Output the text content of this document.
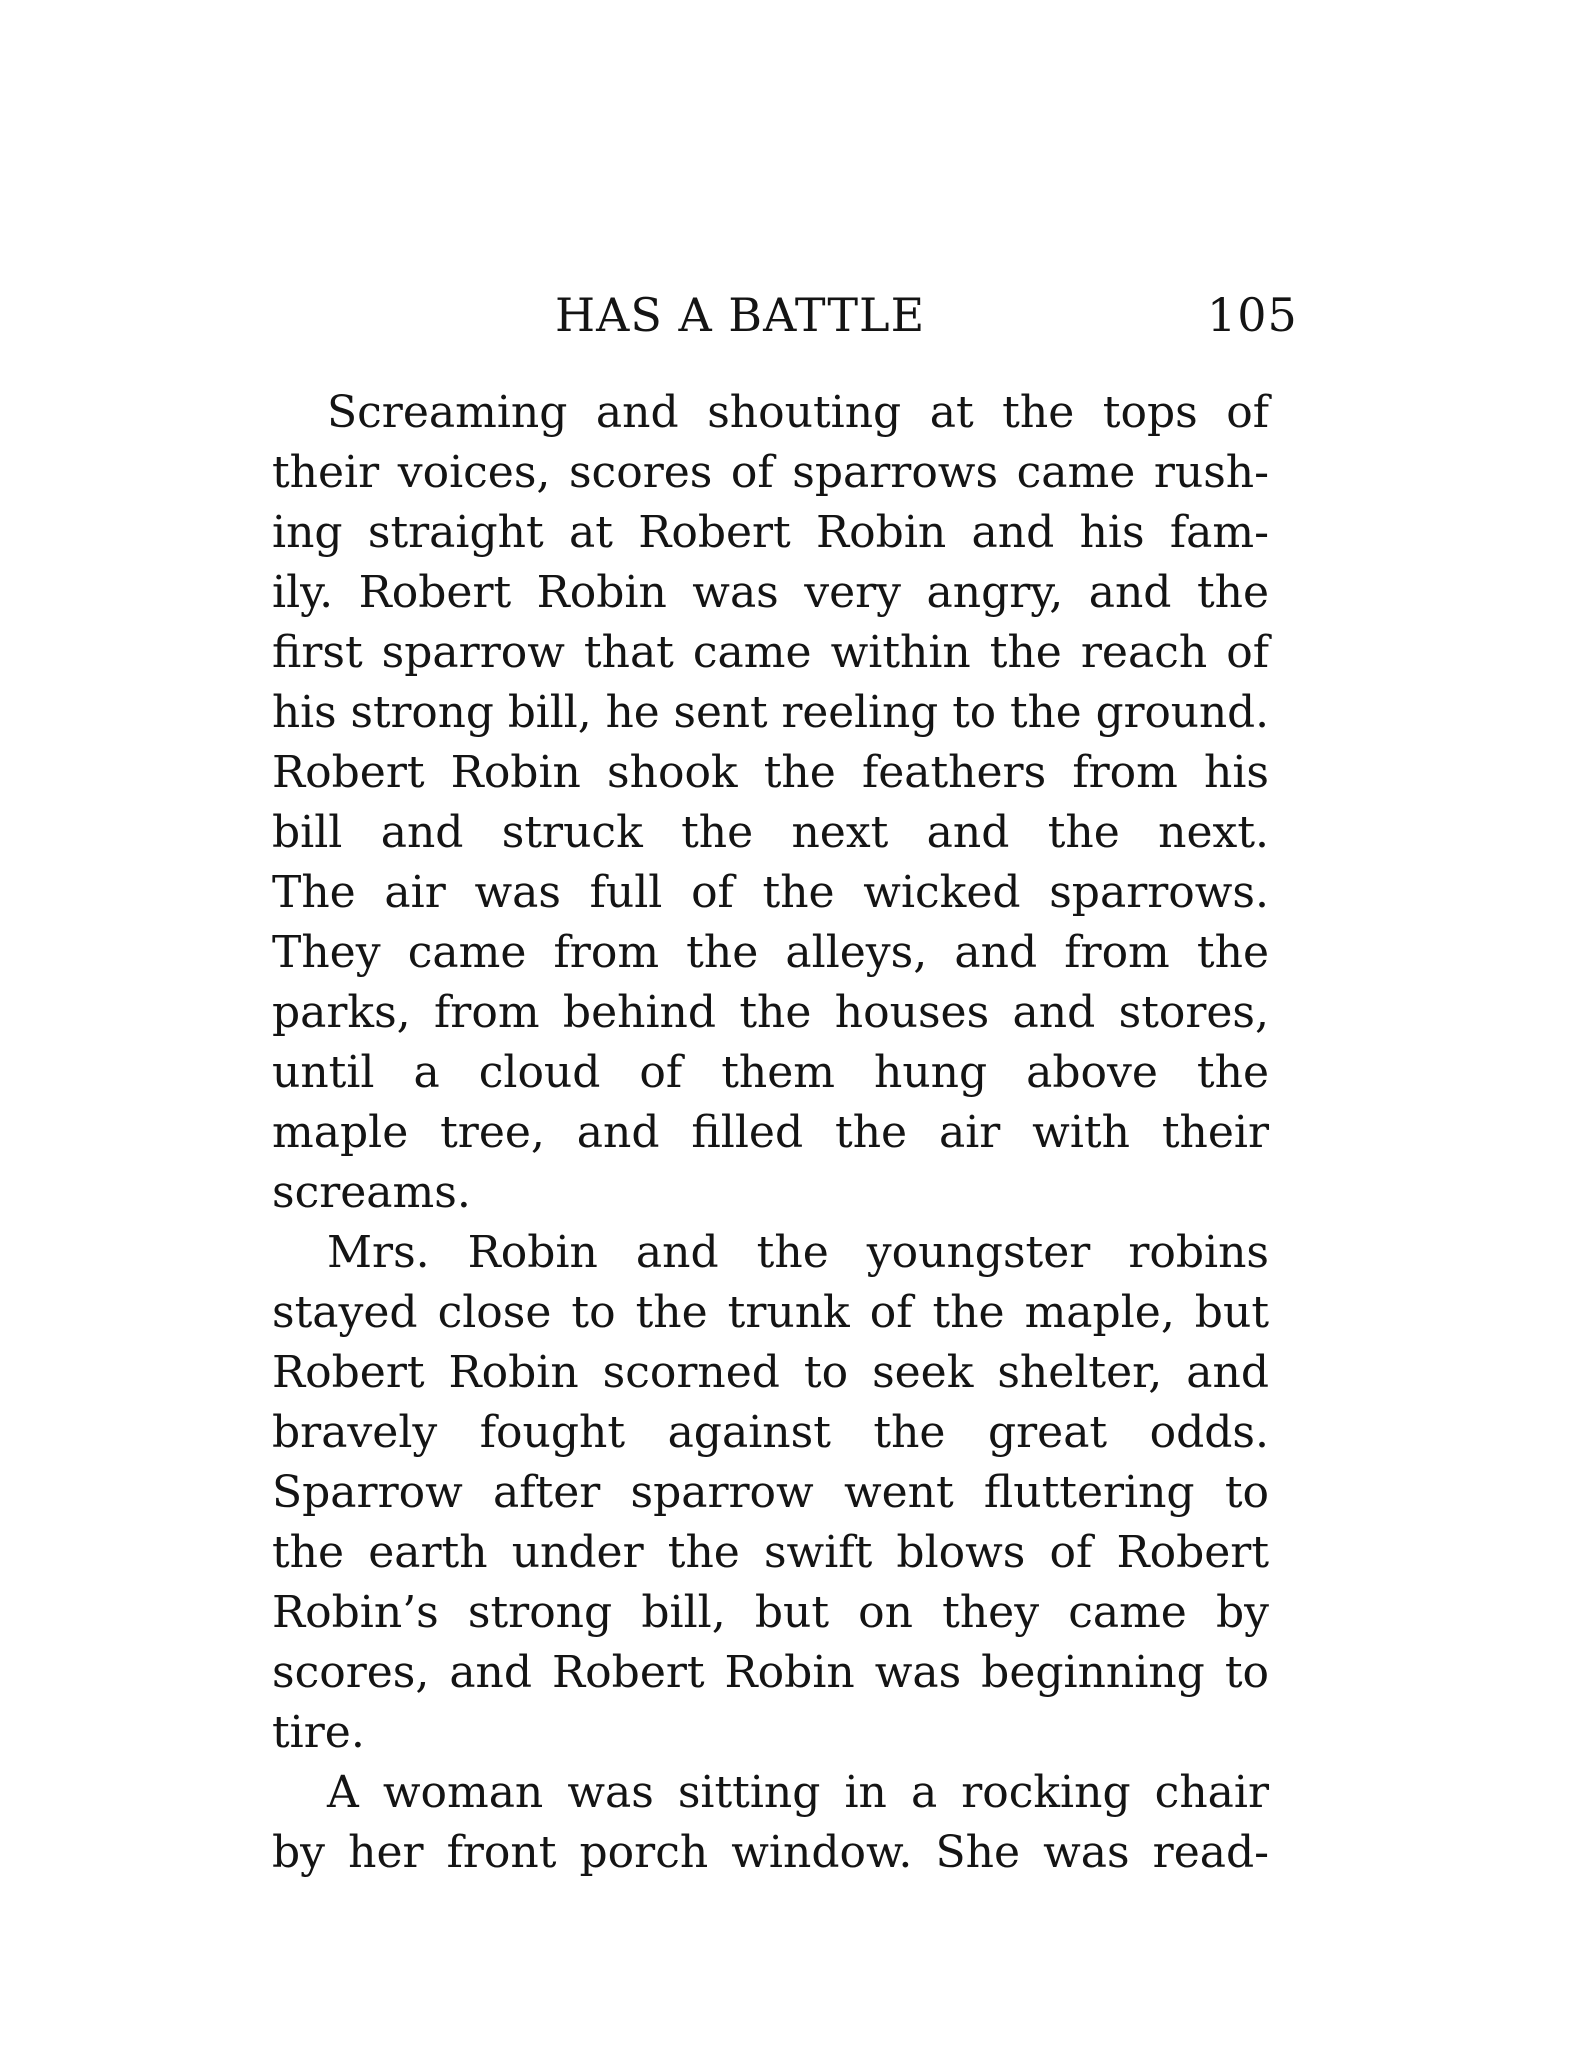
HAS A BATTLE	105
Screaming and shouting at the tops of
their voices, scores of sparrows came rush-
ing straight at Robert Robin and his fam-
ily. Robert Robin was very angry, and the
first sparrow that came within the reach of
his strong bill, he sent reeling to the ground.
Robert Robin shook the feathers from his
bill and struck the next and the next.
The air was full of the wicked sparrows.
They came from the alleys, and from the
parks, from behind the houses and stores,
until a cloud of them hung above the
maple tree, and filled the air with their
screams.
Mrs. Robin and the youngster robins
stayed close to the trunk of the maple, but
Robert Robin scorned to seek shelter, and
bravely fought against the great odds.
Sparrow after sparrow went fluttering to
the earth under the swift blows of Robert
Robin’s strong bill, but on they came by
scores, and Robert Robin was beginning to
tire.
A woman was sitting in a rocking chair
by her front porch window. She was read-
